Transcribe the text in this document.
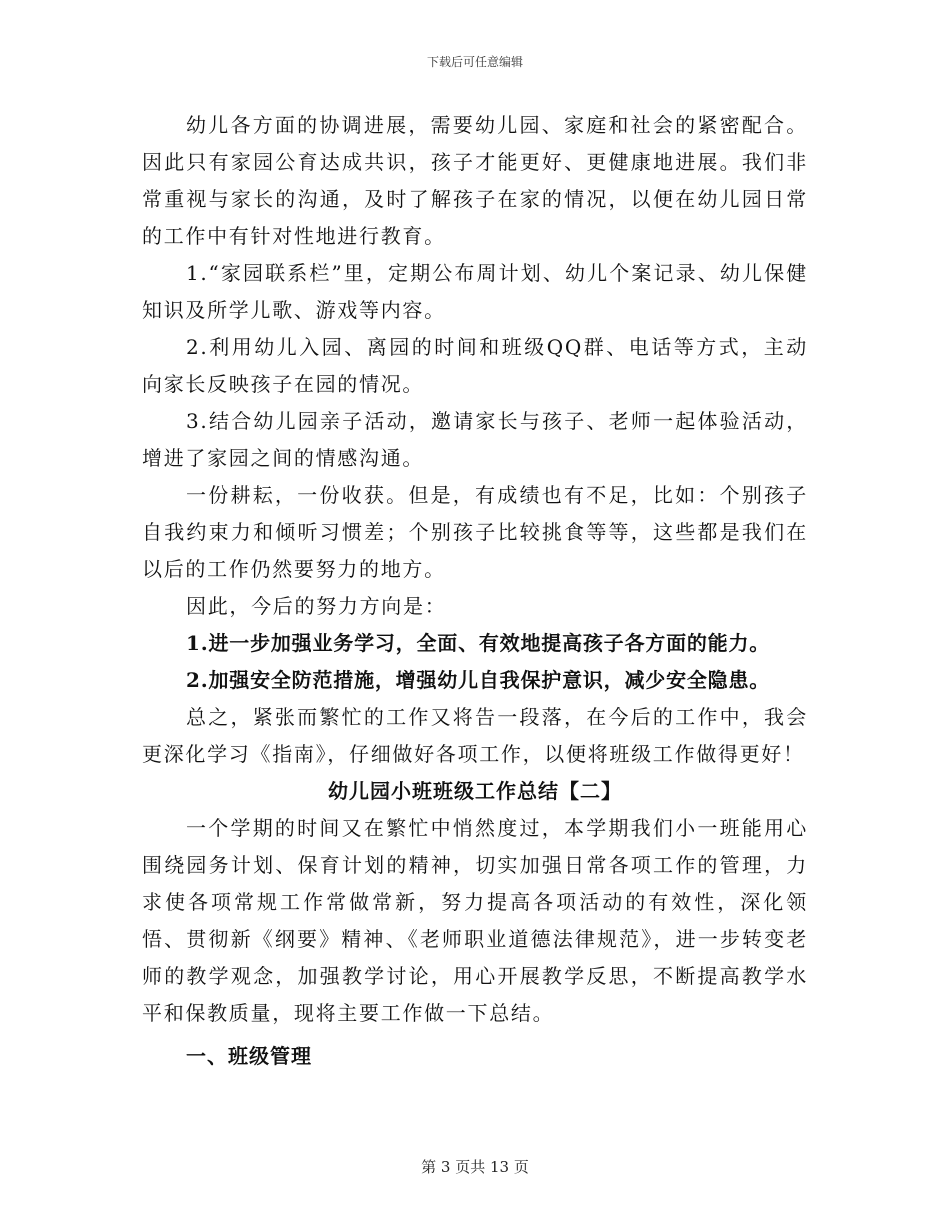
下载后可任意编辑

幼儿各方面的协调进展，需要幼儿园、家庭和社会的紧密配合。因此只有家园公育达成共识，孩子才能更好、更健康地进展。我们非常重视与家长的沟通，及时了解孩子在家的情况，以便在幼儿园日常的工作中有针对性地进行教育。

1.“家园联系栏”里，定期公布周计划、幼儿个案记录、幼儿保健知识及所学儿歌、游戏等内容。

2.利用幼儿入园、离园的时间和班级QQ群、电话等方式，主动向家长反映孩子在园的情况。

3.结合幼儿园亲子活动，邀请家长与孩子、老师一起体验活动，增进了家园之间的情感沟通。

一份耕耘，一份收获。但是，有成绩也有不足，比如：个别孩子自我约束力和倾听习惯差；个别孩子比较挑食等等，这些都是我们在以后的工作仍然要努力的地方。

因此，今后的努力方向是：

1.进一步加强业务学习，全面、有效地提高孩子各方面的能力。

2.加强安全防范措施，增强幼儿自我保护意识，减少安全隐患。

总之，紧张而繁忙的工作又将告一段落，在今后的工作中，我会更深化学习《指南》，仔细做好各项工作，以便将班级工作做得更好！

幼儿园小班班级工作总结【二】

一个学期的时间又在繁忙中悄然度过，本学期我们小一班能用心围绕园务计划、保育计划的精神，切实加强日常各项工作的管理，力求使各项常规工作常做常新，努力提高各项活动的有效性，深化领悟、贯彻新《纲要》精神、《老师职业道德法律规范》，进一步转变老师的教学观念，加强教学讨论，用心开展教学反思，不断提高教学水平和保教质量，现将主要工作做一下总结。

一、班级管理

第 3 页共 13 页
